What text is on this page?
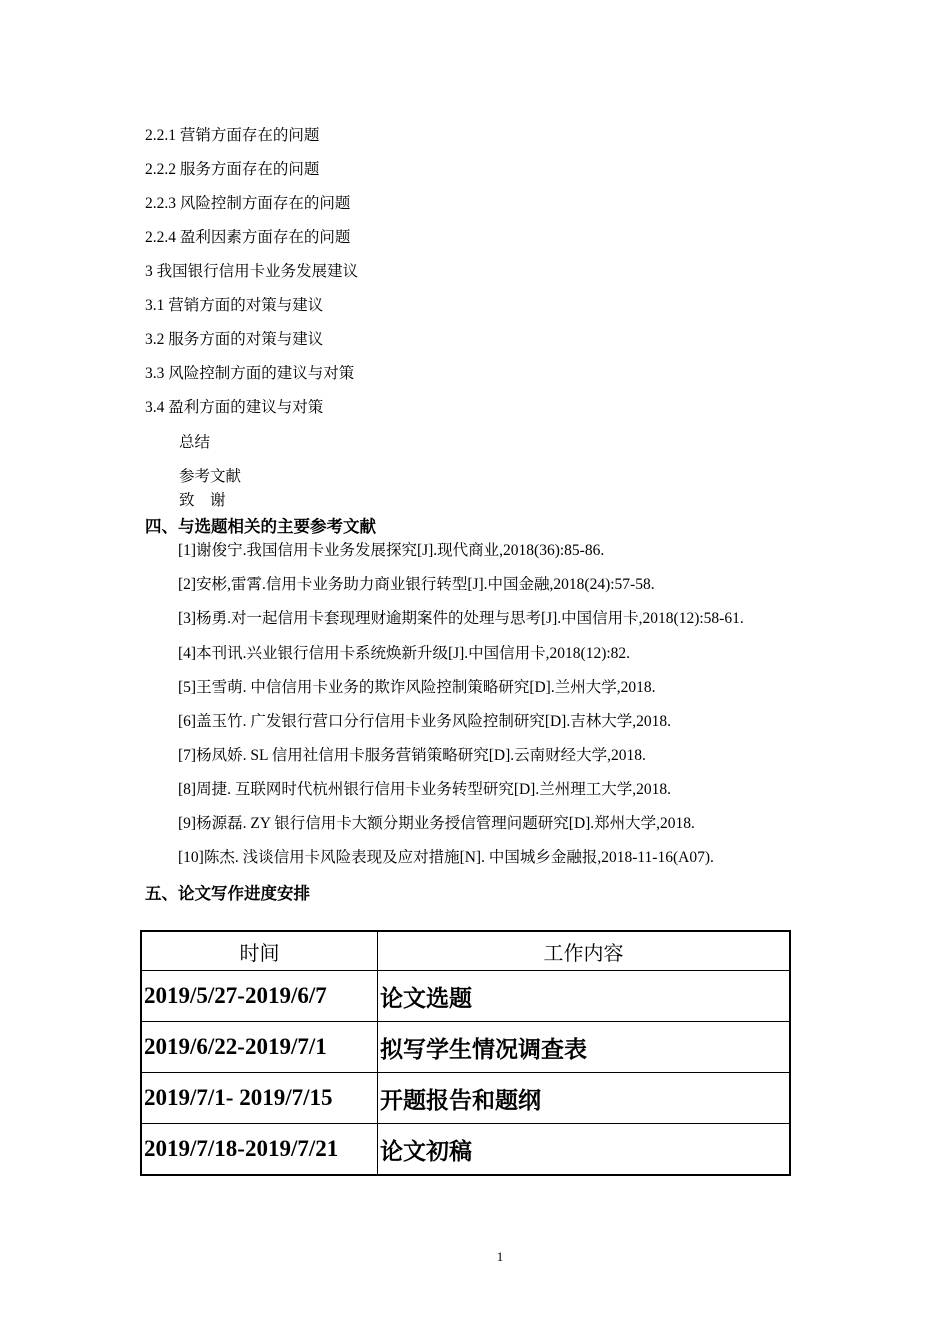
2.2.1 营销方面存在的问题
2.2.2 服务方面存在的问题
2.2.3 风险控制方面存在的问题
2.2.4 盈利因素方面存在的问题
3 我国银行信用卡业务发展建议
3.1 营销方面的对策与建议
3.2 服务方面的对策与建议
3.3 风险控制方面的建议与对策
3.4 盈利方面的建议与对策
总结
参考文献
致　谢
四、与选题相关的主要参考文献
[1]谢俊宁.我国信用卡业务发展探究[J].现代商业,2018(36):85-86.
[2]安彬,雷霄.信用卡业务助力商业银行转型[J].中国金融,2018(24):57-58.
[3]杨勇.对一起信用卡套现理财逾期案件的处理与思考[J].中国信用卡,2018(12):58-61.
[4]本刊讯.兴业银行信用卡系统焕新升级[J].中国信用卡,2018(12):82.
[5]王雪萌. 中信信用卡业务的欺诈风险控制策略研究[D].兰州大学,2018.
[6]盖玉竹. 广发银行营口分行信用卡业务风险控制研究[D].吉林大学,2018.
[7]杨凤娇. SL 信用社信用卡服务营销策略研究[D].云南财经大学,2018.
[8]周捷. 互联网时代杭州银行信用卡业务转型研究[D].兰州理工大学,2018.
[9]杨源磊. ZY 银行信用卡大额分期业务授信管理问题研究[D].郑州大学,2018.
[10]陈杰. 浅谈信用卡风险表现及应对措施[N]. 中国城乡金融报,2018-11-16(A07).
五、论文写作进度安排
时间	工作内容
2019/5/27-2019/6/7	论文选题
2019/6/22-2019/7/1	拟写学生情况调查表
2019/7/1- 2019/7/15	开题报告和题纲
2019/7/18-2019/7/21	论文初稿
1
